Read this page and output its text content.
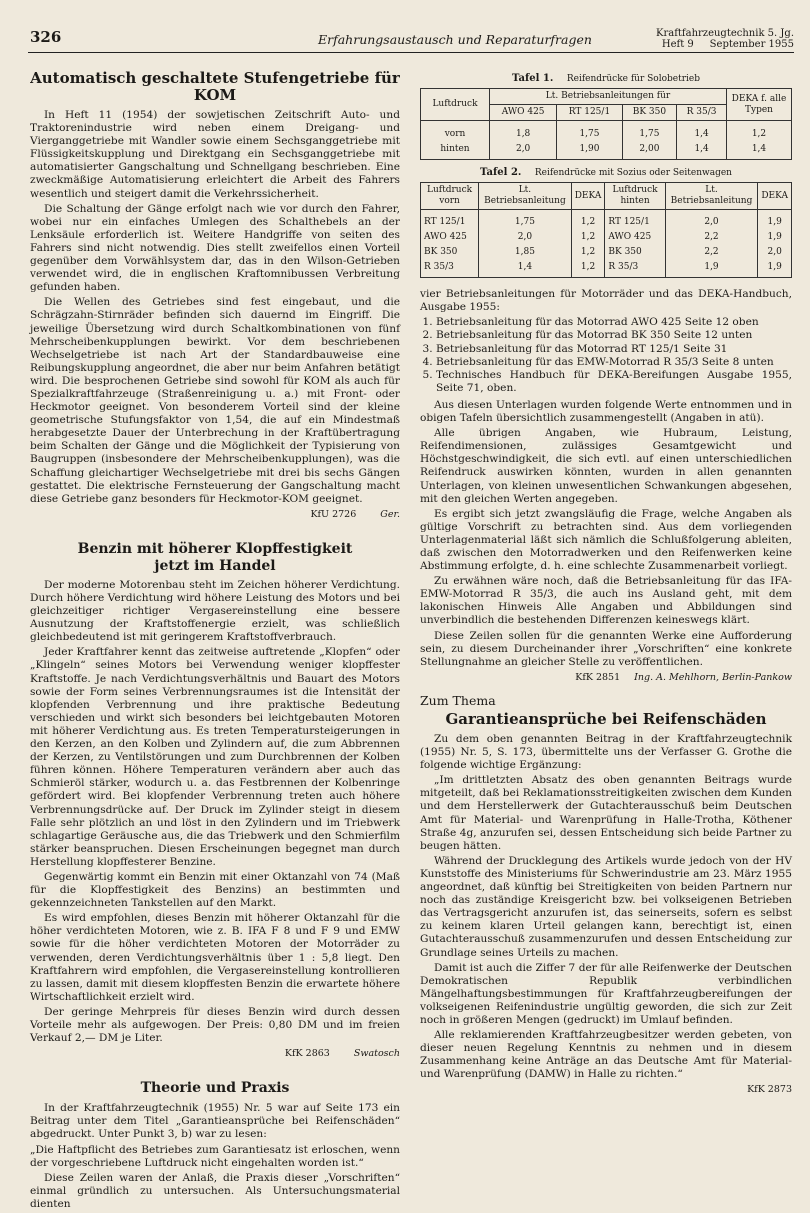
326	Erfahrungsaustausch und Reparaturfragen	Kraftfahrzeugtechnik 5. Jg.
Heft 9     September 1955
Automatisch geschaltete Stufengetriebe für KOM

In Heft 11 (1954) der sowjetischen Zeitschrift Auto- und Traktorenindustrie wird neben einem Dreigang- und Vierganggetriebe mit Wandler sowie einem Sechsganggetriebe mit Flüssigkeitskupplung und Direktgang ein Sechsganggetriebe mit automatisierter Gangschaltung und Schnellgang beschrieben. Eine zweckmäßige Automatisierung erleichtert die Arbeit des Fahrers wesentlich und steigert damit die Verkehrssicherheit.

Die Schaltung der Gänge erfolgt nach wie vor durch den Fahrer, wobei nur ein einfaches Umlegen des Schalthebels an der Lenksäule erforderlich ist. Weitere Handgriffe von seiten des Fahrers sind nicht notwendig. Dies stellt zweifellos einen Vorteil gegenüber dem Vorwählsystem dar, das in den Wilson-Getrieben verwendet wird, die in englischen Kraftomnibussen Verbreitung gefunden haben.

Die Wellen des Getriebes sind fest eingebaut, und die Schrägzahn-Stirnräder befinden sich dauernd im Eingriff. Die jeweilige Übersetzung wird durch Schaltkombinationen von fünf Mehrscheibenkupplungen bewirkt. Vor dem beschriebenen Wechselgetriebe ist nach Art der Standardbauweise eine Reibungskupplung angeordnet, die aber nur beim Anfahren betätigt wird. Die besprochenen Getriebe sind sowohl für KOM als auch für Spezialkraftfahrzeuge (Straßenreinigung u. a.) mit Front- oder Heckmotor geeignet. Von besonderem Vorteil sind der kleine geometrische Stufungsfaktor von 1,54, die auf ein Mindestmaß herabgesetzte Dauer der Unterbrechung in der Kraftübertragung beim Schalten der Gänge und die Möglichkeit der Typisierung von Baugruppen (insbesondere der Mehrscheibenkupplungen), was die Schaffung gleichartiger Wechselgetriebe mit drei bis sechs Gängen gestattet. Die elektrische Fernsteuerung der Gangschaltung macht diese Getriebe ganz besonders für Heckmotor-KOM geeignet.

KfU 2726	Ger.
Benzin mit höherer Klopffestigkeit
jetzt im Handel

Der moderne Motorenbau steht im Zeichen höherer Verdichtung. Durch höhere Verdichtung wird höhere Leistung des Motors und bei gleichzeitiger richtiger Vergasereinstellung eine bessere Ausnutzung der Kraftstoffenergie erzielt, was schließlich gleichbedeutend ist mit geringerem Kraftstoffverbrauch.

Jeder Kraftfahrer kennt das zeitweise auftretende „Klopfen“ oder „Klingeln“ seines Motors bei Verwendung weniger klopffester Kraftstoffe. Je nach Verdichtungsverhältnis und Bauart des Motors sowie der Form seines Verbrennungsraumes ist die Intensität der klopfenden Verbrennung und ihre praktische Bedeutung verschieden und wirkt sich besonders bei leichtgebauten Motoren mit höherer Verdichtung aus. Es treten Temperatursteigerungen in den Kerzen, an den Kolben und Zylindern auf, die zum Abbrennen der Kerzen, zu Ventilstörungen und zum Durchbrennen der Kolben führen können. Höhere Temperaturen verändern aber auch das Schmieröl stärker, wodurch u. a. das Festbrennen der Kolbenringe gefördert wird. Bei klopfender Verbrennung treten auch höhere Verbrennungsdrücke auf. Der Druck im Zylinder steigt in diesem Falle sehr plötzlich an und löst in den Zylindern und im Triebwerk schlagartige Geräusche aus, die das Triebwerk und den Schmierfilm stärker beanspruchen. Diesen Erscheinungen begegnet man durch Herstellung klopffesterer Benzine.

Gegenwärtig kommt ein Benzin mit einer Oktanzahl von 74 (Maß für die Klopffestigkeit des Benzins) an bestimmten und gekennzeichneten Tankstellen auf den Markt.

Es wird empfohlen, dieses Benzin mit höherer Oktanzahl für die höher verdichteten Motoren, wie z. B. IFA F 8 und F 9 und EMW sowie für die höher verdichteten Motoren der Motorräder zu verwenden, deren Verdichtungsverhältnis über 1 : 5,8 liegt. Den Kraftfahrern wird empfohlen, die Vergasereinstellung kontrollieren zu lassen, damit mit diesem klopffesten Benzin die erwartete höhere Wirtschaftlichkeit erzielt wird.

Der geringe Mehrpreis für dieses Benzin wird durch dessen Vorteile mehr als aufgewogen. Der Preis: 0,80 DM und im freien Verkauf 2,— DM je Liter.

KfK 2863	Swatosch
Theorie und Praxis

In der Kraftfahrzeugtechnik (1955) Nr. 5 war auf Seite 173 ein Beitrag unter dem Titel „Garantieansprüche bei Reifenschäden“ abgedruckt. Unter Punkt 3, b) war zu lesen:

„Die Haftpflicht des Betriebes zum Garantiesatz ist erloschen, wenn der vorgeschriebene Luftdruck nicht eingehalten worden ist.“

Diese Zeilen waren der Anlaß, die Praxis dieser „Vorschriften“ einmal gründlich zu untersuchen. Als Untersuchungsmaterial dienten

Tafel 1. Reifendrücke für Solobetrieb
Luftdruck	Lt. Betriebsanleitungen für				DEKA f. alle Typen
	AWO 425	RT 125/1	BK 350	R 35/3	
vorn	1,8	1,75	1,75	1,4	1,2
hinten	2,0	1,90	2,00	1,4	1,4
Tafel 2. Reifendrücke mit Sozius oder Seitenwagen
Luftdruck vorn	Lt. Betriebsanleitung	DEKA	Luftdruck hinten	Lt. Betriebsanleitung	DEKA
RT 125/1	1,75	1,2	RT 125/1	2,0	1,9
AWO 425	2,0	1,2	AWO 425	2,2	1,9
BK 350	1,85	1,2	BK 350	2,2	2,0
R 35/3	1,4	1,2	R 35/3	1,9	1,9

vier Betriebsanleitungen für Motorräder und das DEKA-Handbuch, Ausgabe 1955:

1. Betriebsanleitung für das Motorrad AWO 425 Seite 12 oben
2. Betriebsanleitung für das Motorrad BK 350 Seite 12 unten
3. Betriebsanleitung für das Motorrad RT 125/1 Seite 31
4. Betriebsanleitung für das EMW-Motorrad R 35/3 Seite 8 unten
5. Technisches Handbuch für DEKA-Bereifungen Ausgabe 1955, Seite 71, oben.

Aus diesen Unterlagen wurden folgende Werte entnommen und in obigen Tafeln übersichtlich zusammengestellt (Angaben in atü).

Alle übrigen Angaben, wie Hubraum, Leistung, Reifendimensionen, zulässiges Gesamtgewicht und Höchstgeschwindigkeit, die sich evtl. auf einen unterschiedlichen Reifendruck auswirken könnten, wurden in allen genannten Unterlagen, von kleinen unwesentlichen Schwankungen abgesehen, mit den gleichen Werten angegeben.

Es ergibt sich jetzt zwangsläufig die Frage, welche Angaben als gültige Vorschrift zu betrachten sind. Aus dem vorliegenden Unterlagenmaterial läßt sich nämlich die Schlußfolgerung ableiten, daß zwischen den Motorradwerken und den Reifenwerken keine Abstimmung erfolgte, d. h. eine schlechte Zusammenarbeit vorliegt.

Zu erwähnen wäre noch, daß die Betriebsanleitung für das IFA-EMW-Motorrad R 35/3, die auch ins Ausland geht, mit dem lakonischen Hinweis Alle Angaben und Abbildungen sind unverbindlich die bestehenden Differenzen keineswegs klärt.

Diese Zeilen sollen für die genannten Werke eine Aufforderung sein, zu diesem Durcheinander ihrer „Vorschriften“ eine konkrete Stellungnahme an gleicher Stelle zu veröffentlichen.

KfK 2851 Ing. A. Mehlhorn, Berlin-Pankow
Zum Thema
Garantieansprüche bei Reifenschäden

Zu dem oben genannten Beitrag in der Kraftfahrzeugtechnik (1955) Nr. 5, S. 173, übermittelte uns der Verfasser G. Grothe die folgende wichtige Ergänzung:

„Im drittletzten Absatz des oben genannten Beitrags wurde mitgeteilt, daß bei Reklamationsstreitigkeiten zwischen dem Kunden und dem Herstellerwerk der Gutachterausschuß beim Deutschen Amt für Material- und Warenprüfung in Halle-Trotha, Köthener Straße 4g, anzurufen sei, dessen Entscheidung sich beide Partner zu beugen hätten.

Während der Drucklegung des Artikels wurde jedoch von der HV Kunststoffe des Ministeriums für Schwerindustrie am 23. März 1955 angeordnet, daß künftig bei Streitigkeiten von beiden Partnern nur noch das zuständige Kreisgericht bzw. bei volkseigenen Betrieben das Vertragsgericht anzurufen ist, das seinerseits, sofern es selbst zu keinem klaren Urteil gelangen kann, berechtigt ist, einen Gutachterausschuß zusammenzurufen und dessen Entscheidung zur Grundlage seines Urteils zu machen.

Damit ist auch die Ziffer 7 der für alle Reifenwerke der Deutschen Demokratischen Republik verbindlichen Mängelhaftungsbestimmungen für Kraftfahrzeugbereifungen der volkseigenen Reifenindustrie ungültig geworden, die sich zur Zeit noch in größeren Mengen (gedruckt) im Umlauf befinden.

Alle reklamierenden Kraftfahrzeugbesitzer werden gebeten, von dieser neuen Regelung Kenntnis zu nehmen und in diesem Zusammenhang keine Anträge an das Deutsche Amt für Material- und Warenprüfung (DAMW) in Halle zu richten.“

KfK 2873
